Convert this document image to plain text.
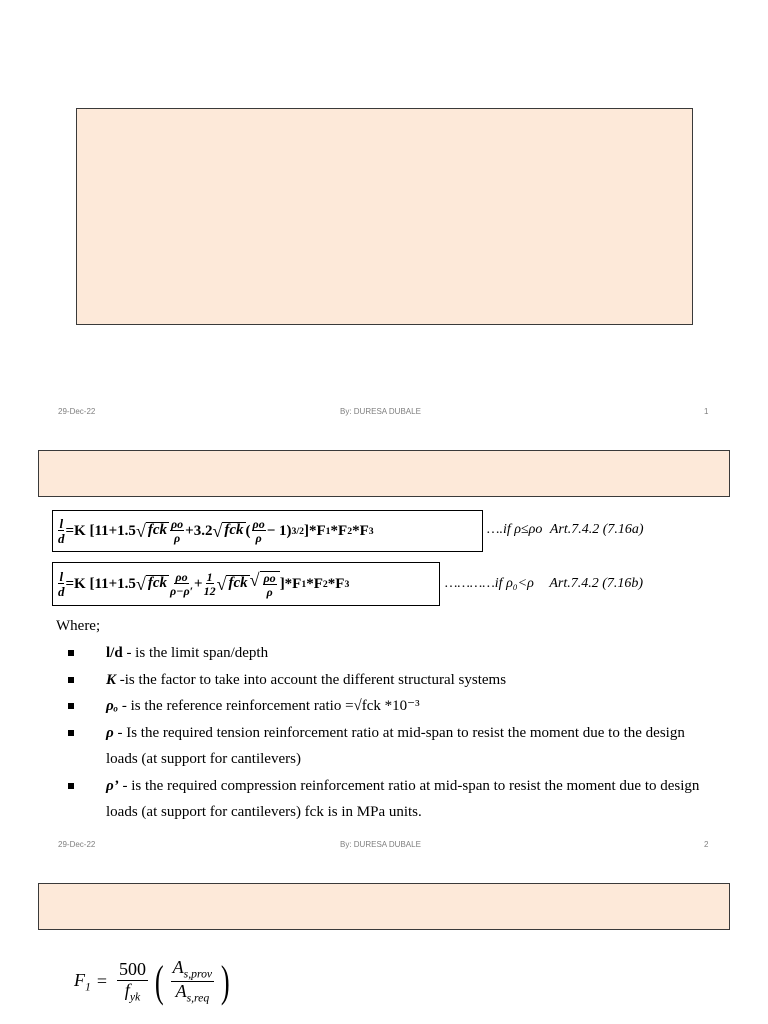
29-Dec-22	By: DURESA DUBALE	1
$\frac{l}{d} =K$ [11+1.5 √ fck $\frac{\rho o}{\rho} +3.2$ √ fck ( $\frac{\rho o}{\rho} - 1$) 3/2 ]*F 1 *F 2 *F 3	….if ρ≤ρo Art.7.4.2 (7.16a)
$\frac{l}{d} =K$ [11+1.5 √ fck $\frac{\rho o}{\rho-\rho'} + \frac{1}{12}$ √ fck √ $\frac{\rho o}{\rho} ]*F$ 1 *F 2 *F 3	…………if ρ₀<ρ Art.7.4.2 (7.16b)
Where;
l/d - is the limit span/depth
K -is the factor to take into account the different structural systems
ρₒ - is the reference reinforcement ratio =√fck *10⁻³
ρ - Is the required tension reinforcement ratio at mid-span to resist the moment due to the design loads (at support for cantilevers)
ρ’ - is the required compression reinforcement ratio at mid-span to resist the moment due to design loads (at support for cantilevers) fck is in MPa units.
29-Dec-22	By: DURESA DUBALE	2
$F_1$ =
500
$f_{yk}$ ( $A_{s,prov}$
$A_{s,req}$ )
